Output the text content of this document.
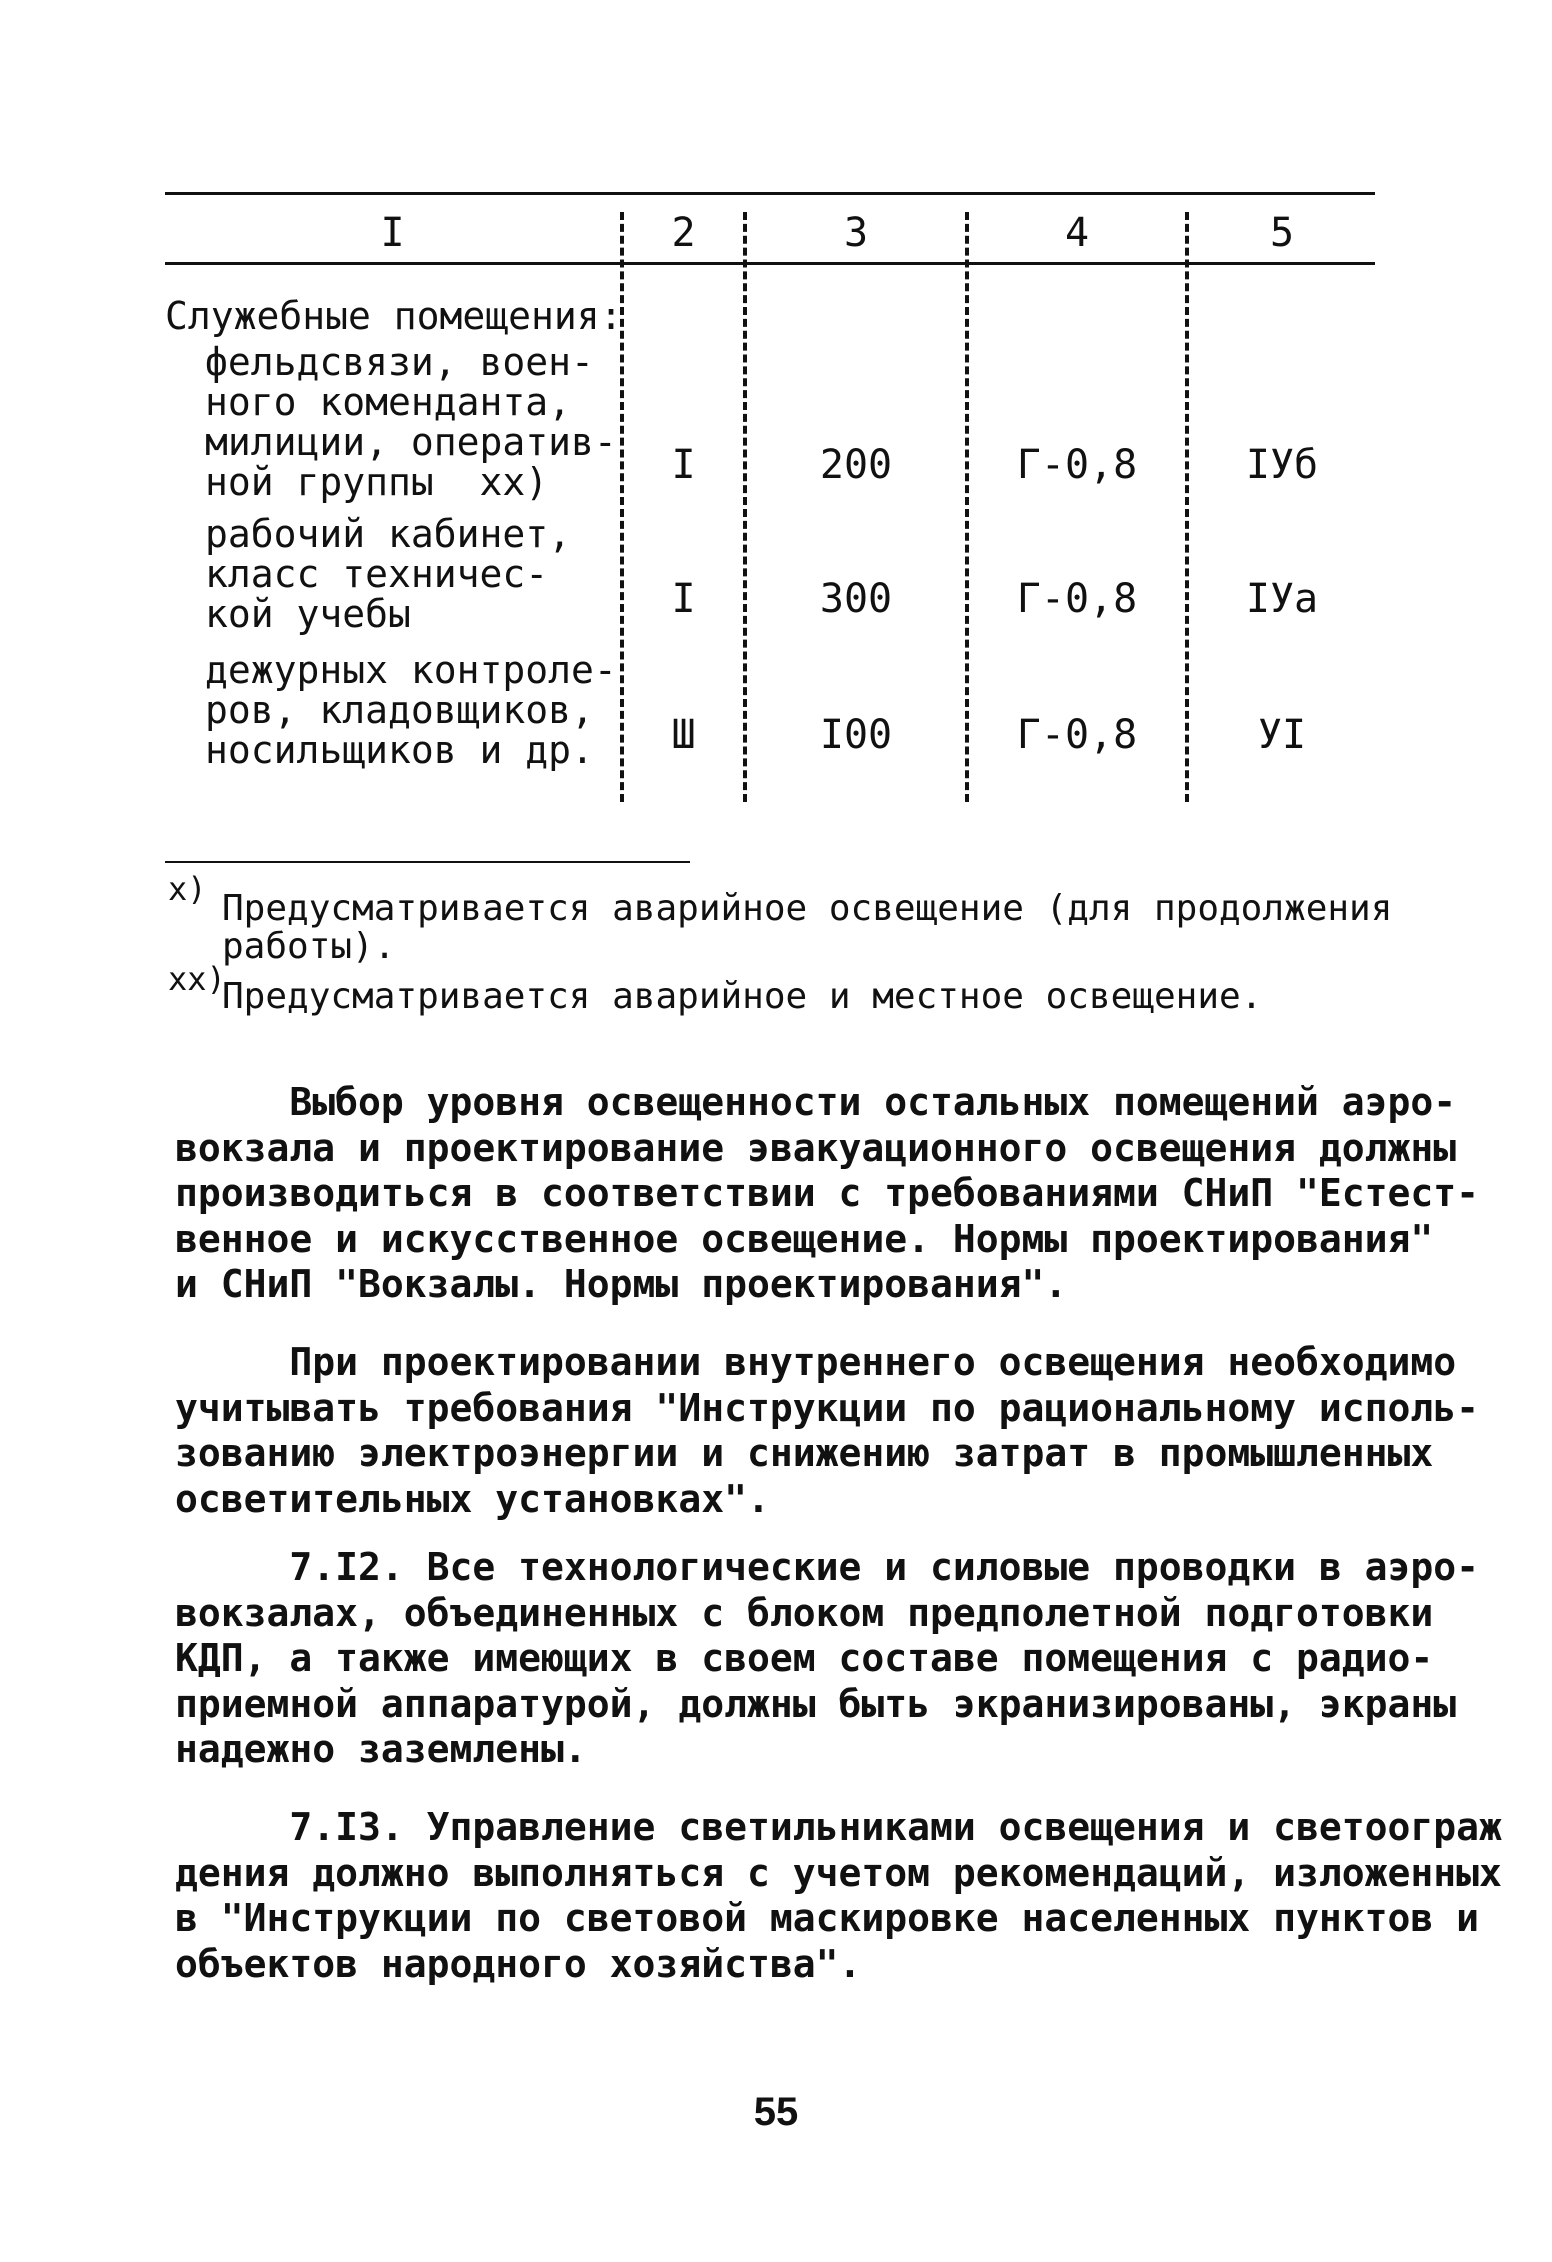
I	2	3	4	5
Служебные помещения:
фельдсвязи, воен-
ного коменданта,
милиции, оператив-
ной группы  хх)	I	200	Г-0,8	IУб
рабочий кабинет,
класс техничес-
кой учебы	I	300	Г-0,8	IУа
дежурных контроле-
ров, кладовщиков,
носильщиков и др.	Ш	I00	Г-0,8	УI
x) Предусматривается аварийное освещение (для продолжения
работы).
xx)
Предусматривается аварийное и местное освещение.
Выбор уровня освещенности остальных помещений аэро-
вокзала и проектирование эвакуационного освещения должны
производиться в соответствии с требованиями СНиП "Естест-
венное и искусственное освещение. Нормы проектирования"
и СНиП "Вокзалы. Нормы проектирования".
При проектировании внутреннего освещения необходимо
учитывать требования "Инструкции по рациональному исполь-
зованию электроэнергии и снижению затрат в промышленных
осветительных установках".
7.I2. Все технологические и силовые проводки в аэро-
вокзалах, объединенных с блоком предполетной подготовки
КДП, а также имеющих в своем составе помещения с радио-
приемной аппаратурой, должны быть экранизированы, экраны
надежно заземлены.
7.I3. Управление светильниками освещения и светоограж
дения должно выполняться с учетом рекомендаций, изложенных
в "Инструкции по световой маскировке населенных пунктов и
объектов народного хозяйства".
55
